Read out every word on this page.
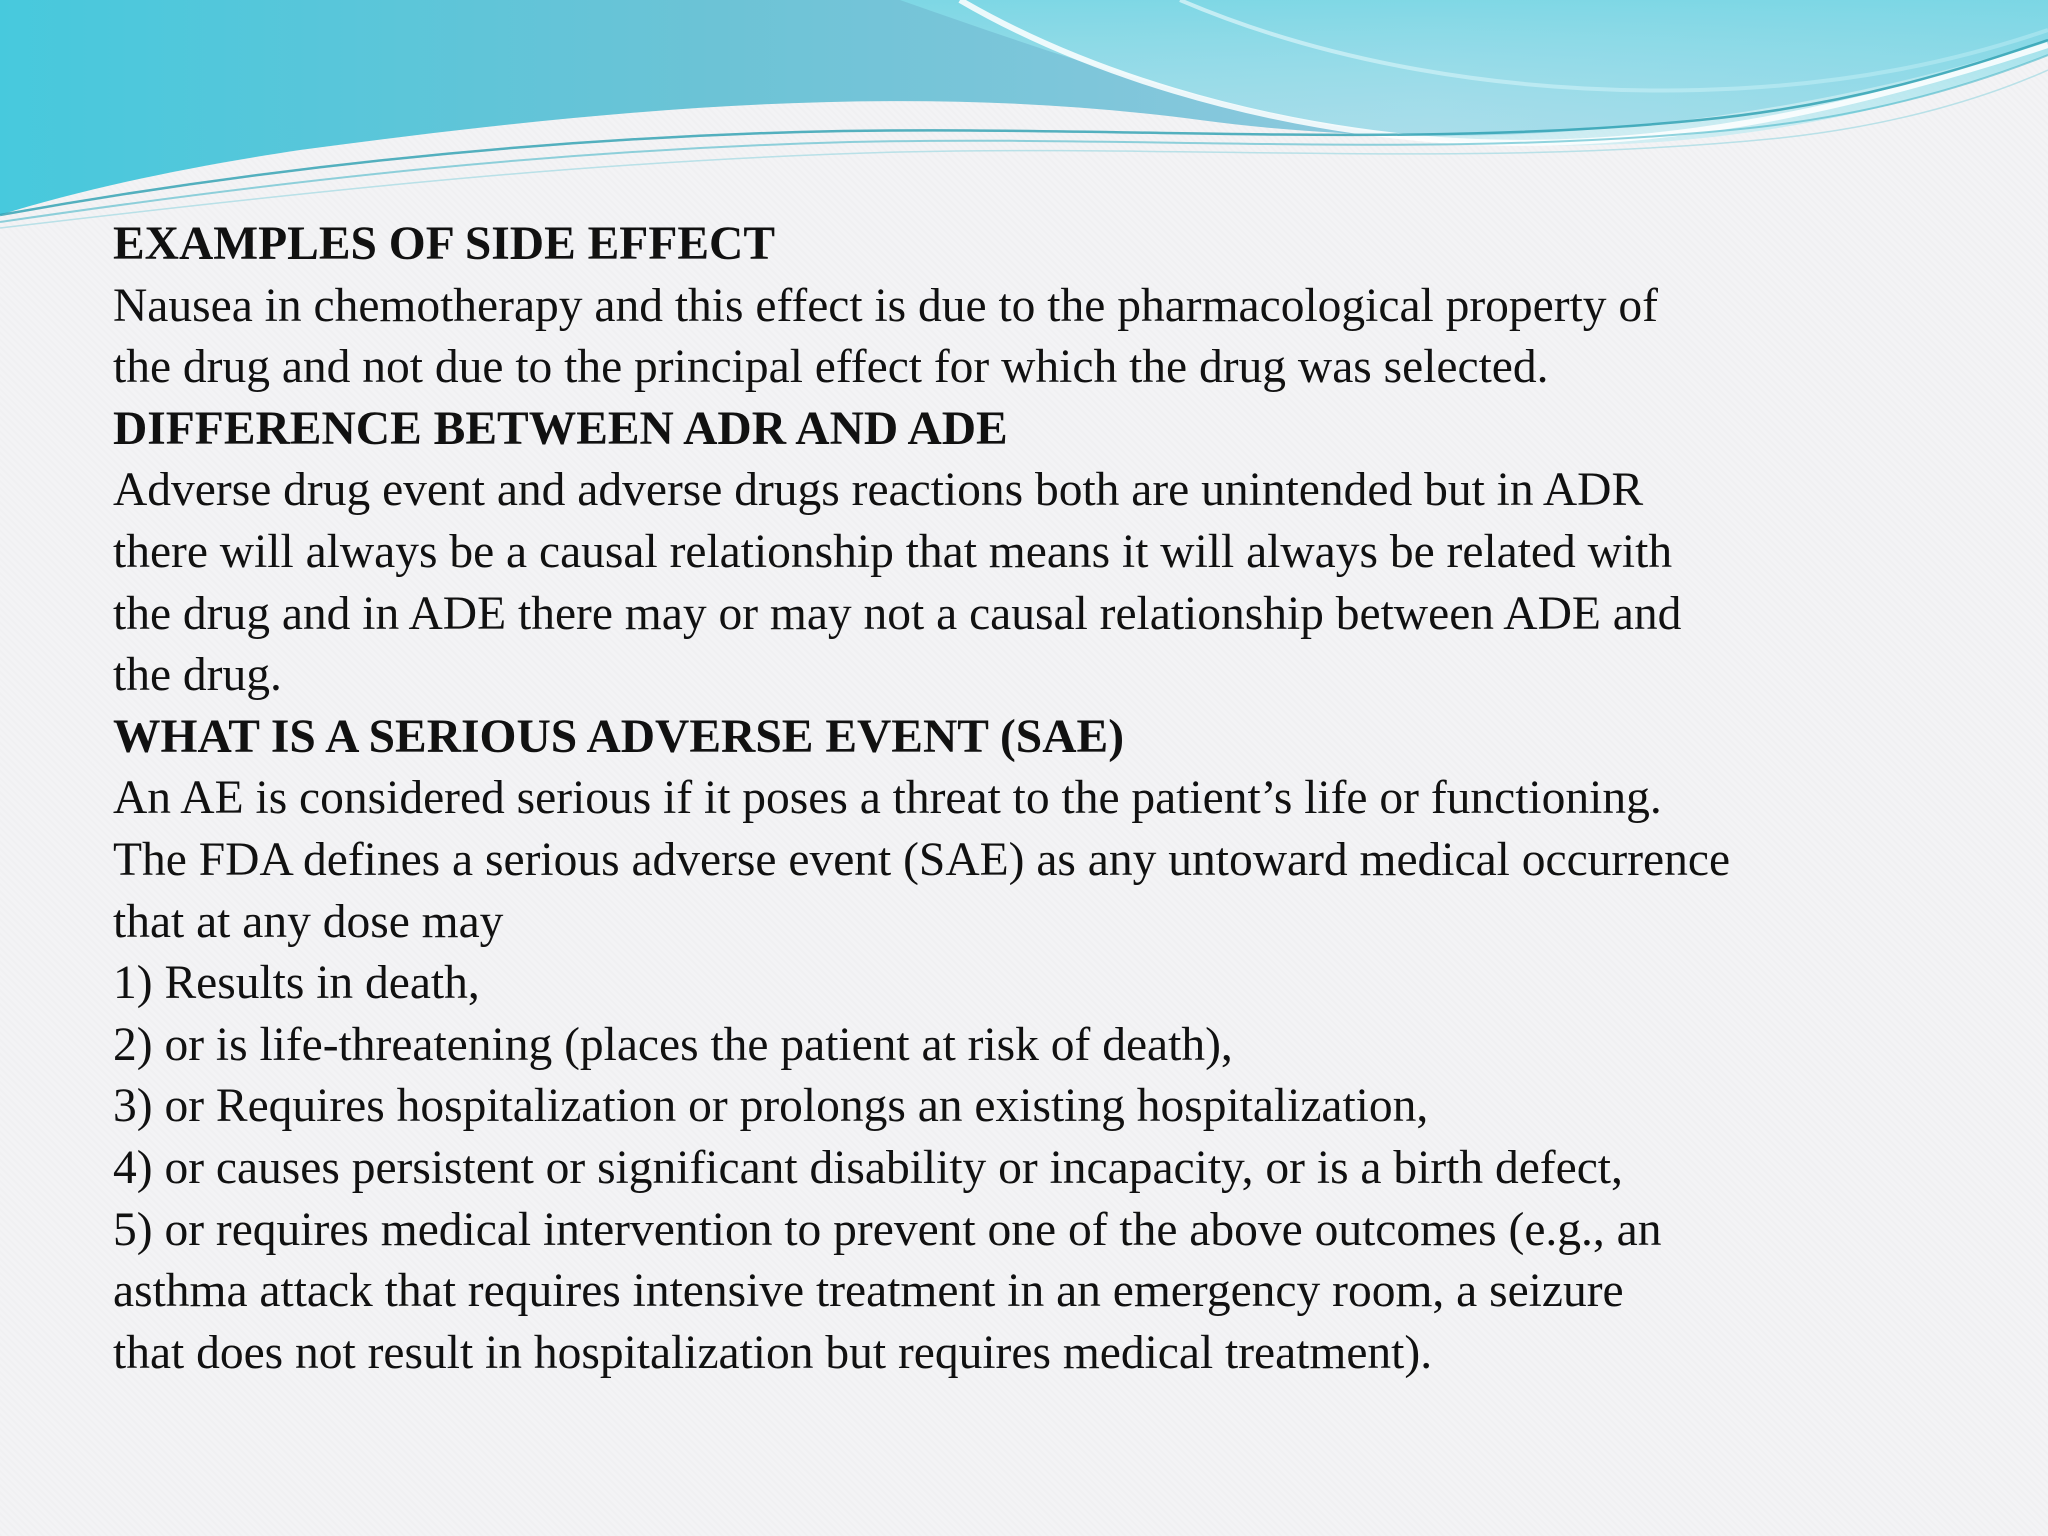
EXAMPLES OF SIDE EFFECT
Nausea in chemotherapy and this effect is due to the pharmacological property of
the drug and not due to the principal effect for which the drug was selected.
DIFFERENCE BETWEEN ADR AND ADE
Adverse drug event and adverse drugs reactions both are unintended but in ADR
there will always be a causal relationship that means it will always be related with
the drug and in ADE there may or may not a causal relationship between ADE and
the drug.
WHAT IS A SERIOUS ADVERSE EVENT (SAE)
An AE is considered serious if it poses a threat to the patient’s life or functioning.
The FDA defines a serious adverse event (SAE) as any untoward medical occurrence
that at any dose may
1) Results in death,
2) or is life-threatening (places the patient at risk of death),
3) or Requires hospitalization or prolongs an existing hospitalization,
4) or causes persistent or significant disability or incapacity, or is a birth defect,
5) or requires medical intervention to prevent one of the above outcomes (e.g., an
asthma attack that requires intensive treatment in an emergency room, a seizure
that does not result in hospitalization but requires medical treatment).
